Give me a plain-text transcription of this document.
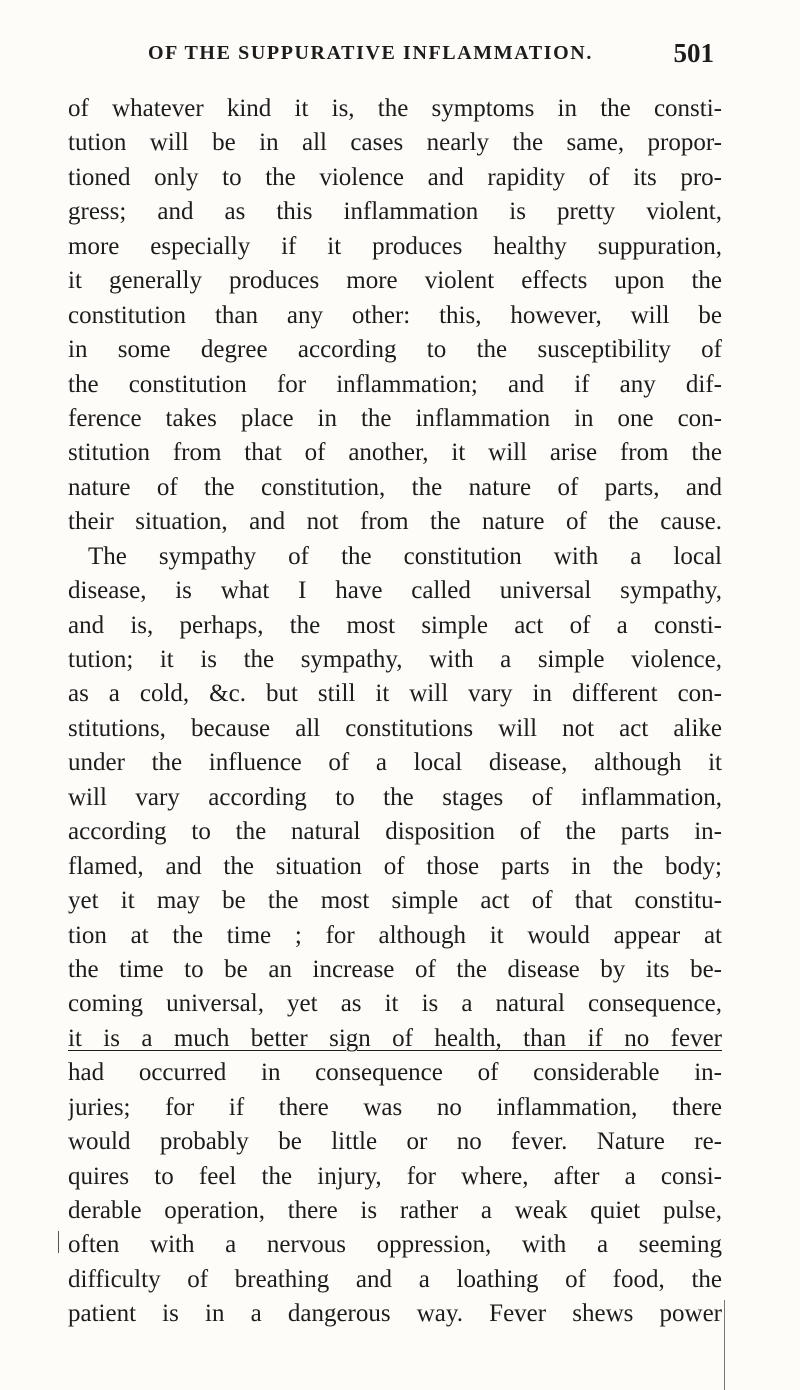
OF THE SUPPURATIVE INFLAMMATION.	501
of whatever kind it is, the symptoms in the consti-
tution will be in all cases nearly the same, propor-
tioned only to the violence and rapidity of its pro-
gress; and as this inflammation is pretty violent,
more especially if it produces healthy suppuration,
it generally produces more violent effects upon the
constitution than any other: this, however, will be
in some degree according to the susceptibility of
the constitution for inflammation; and if any dif-
ference takes place in the inflammation in one con-
stitution from that of another, it will arise from the
nature of the constitution, the nature of parts, and
their situation, and not from the nature of the cause.
The sympathy of the constitution with a local
disease, is what I have called universal sympathy,
and is, perhaps, the most simple act of a consti-
tution; it is the sympathy, with a simple violence,
as a cold, &c. but still it will vary in different con-
stitutions, because all constitutions will not act alike
under the influence of a local disease, although it
will vary according to the stages of inflammation,
according to the natural disposition of the parts in-
flamed, and the situation of those parts in the body;
yet it may be the most simple act of that constitu-
tion at the time ; for although it would appear at
the time to be an increase of the disease by its be-
coming universal, yet as it is a natural consequence,
it is a much better sign of health, than if no fever
had occurred in consequence of considerable in-
juries; for if there was no inflammation, there
would probably be little or no fever. Nature re-
quires to feel the injury, for where, after a consi-
derable operation, there is rather a weak quiet pulse,
often with a nervous oppression, with a seeming
difficulty of breathing and a loathing of food, the
patient is in a dangerous way. Fever shews power
